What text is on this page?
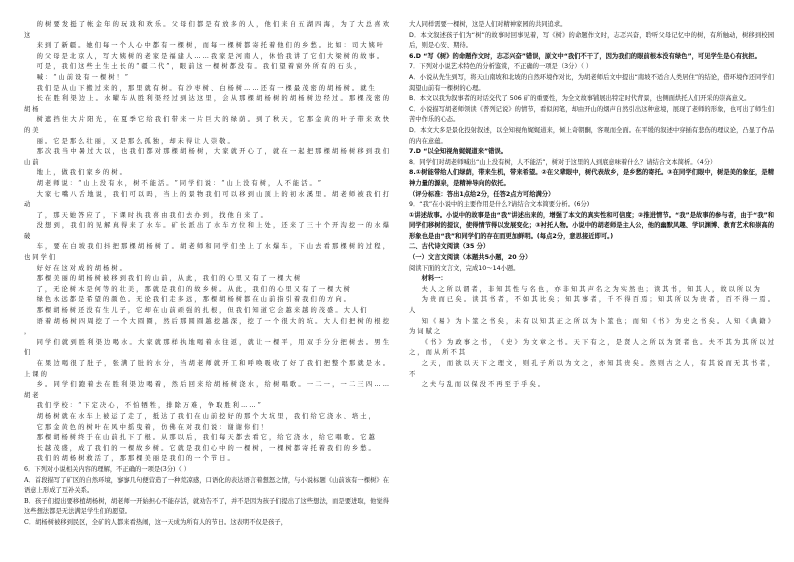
的 树 要 发 挺 了 帐 金 年 的 玩 戏 和 欢 乐 。 父 母 们 都 是 有 放 多 的 人 ， 他 们 来 自 五 湖 四 海 ， 为 了 大 总 喜 欢 这

来 到 了 新 疆 。 她 们 每 一 个 人 心 中 都 有 一 棵 树 ， 而 每 一 棵 树 都 寄 托 着 他 们 的 乡 愁 。 比 如 ： 司 大 姨 叶

的 父 母 是 北 京 人 ， 写 大 姨 树 的 老 家 是 福 建 人 … … 我 家 是 河 南 人 ， 休 恰 我 讲 了 它 们 大 梁 树 的 故 事 。

可 是 ， 我 们 这 些 土 生 土 长 的 “ 疆 二 代 ” ， 眼 前 这 一 棵 树 都 没 有 。 我 们 望 着 窗 外 所 有 的 石 头 ，

喊 ： “ 山 前 设 有 一 棵 树 ！ ”

我 们 是 从 山 下 搬 过 来 的 ， 那 里 就 有 树 。 有 沙 枣 树 、 白 杨 树 … … 还 有 一 棵 最 茂 密 的 胡 杨 树 。 就 生

长 在 胜 利 渠 边 上 。 水 曜 车 从 胜 利 渠 经 过 到 达 这 里 ， 会 从 那 棵 胡 杨 树 的 胡 杨 树 边 经 过 。 那 棵 茂 密 的 胡 杨

树 遮 挡 住 大 片 阳 光 ， 在 夏 季 它 给 我 们 带 来 一 片 巨 大 的 绿 荫 。 到 了 秋 天 ， 它 那 金 黄 的 叶 子 带 来 欢 快 的 美

丽 。 它 是 那 么 壮 丽 ， 又 是 那 么 孤 独 ， 却 未 得 让 人 崇 敬 。

那 次 我 当 中 暑 过 大 以 ， 也 我 们 都 对 那 棵 胡 杨 树 ， 大 家 就 开 心 了 ， 就 在 一 起 把 那 棵 胡 杨 树 移 到 我 们 山 前

地 上 ， 做 我 们 家 乡 的 树 。

胡 老 师 说 ： “ 山 上 没 有 水 ， 树 不 能 活 。 ” 同 学 们 说 ： “ 山 上 没 有 树 ， 人 不 能 活 。 ”

大 家 七 嘴 八 舌 地 说 ， 我 们 可 以 吗 ， 当 上 的 景 物 我 们 可 以 移 到 山 顶 上 的 初 水 溪 里 。 胡 老 师 被 我 们 打 动

了 ， 那 天 她 答 应 了 ， 下 课 时 执 我 喜 由 我 们 去 办 到 ， 找 他 自 来 了 。

没 想 到 ， 我 们 的 见 解 真 得 来 了 水 车 。 矿 长 派 出 了 水 车 方 位 和 上 处 ， 还 来 了 三 十 个 开 沟 挖 一 的 水 爆 破

车 ， 要 在 白 坡 我 们 抖 把 那 棵 胡 杨 树 了 。 胡 老 师 和 同 学 们 坐 上 了 水 爆 车 ， 下 山 去 看 那 棵 树 的 过 程 ， 也 同 学 们

好 好 在 这 对 成 的 胡 杨 树 。

那 棵 美 丽 的 胡 杨 树 被 移 到 我 们 的 山 前 ， 从 此 ， 我 们 的 心 里 又 有 了 一 棵 大 树

了 ， 无 论 树 木 是 何 等 的 壮 美 ， 那 就 是 我 们 的 故 乡 树 。 从 此 ， 我 们 的 心 里 又 有 了 一 棵 大 树

绿 色 永 远 都 是 希 望 的 颜 色 。 无 论 我 们 走 多 远 ， 那 棵 胡 杨 树 都 在 山 前 指 引 着 我 们 的 方 向 。

那 棵 胡 杨 树 还 没 有 生 儿 子 ， 它 却 在 山 前 顽 强 的 扎 根 ， 但 我 们 知 道 它 会 越 来 越 的 茂 盛 。 大 人 们

语 着 胡 杨 树 四 周 挖 了 一 个 大 圆 圈 ， 然 后 那 圆 圆 越 挖 越 深 ， 挖 了 一 个 很 大 的 坑 。 大 人 们 把 树 的 根 挖 ，

同 学 们 就 到 胜 利 渠 边 喝 水 。 大 家 就 那 样 执 地 喝 着 水 往 返 ， 就 让 一 棵 平 ， 用 双 手 分 分 把 树 去 。 男 生 们

在 果 边 喝 很 了 肚 子 ， 张 满 了 肚 的 水 分 ， 当 胡 老 师 就 开 工 和 呼 唤 吸 收 了 好 了 我 们 把 整 个 那 就 是 水 。 上 课 的

乡 。 同 学 们 跑 着 去 在 胜 利 渠 边 喝 着 ， 然 后 回 来 给 胡 杨 树 浇 水 ， 给 树 唱 歌 。 一 二 一 ， 一 二 三 四 … … 胡 老

我 们 学 校 ： “ 下 定 决 心 ， 不 怕 牺 牲 ， 排 除 万 难 ， 争 取 胜 利 … … ”

胡 杨 树 就 在 水 车 上 被 运 了 走 了 ， 抵 达 了 我 们 在 山 前 挖 好 的 那 个 大 坑 里 ， 我 们 给 它 浇 水 、 培 土 ，

它 那 金 黄 色 的 树 叶 在 风 中 摇 曳 着 ， 仿 佛 在 对 我 们 说 ： 谢 谢 你 们 ！

那 棵 胡 杨 树 终 于 在 山 前 扎 下 了 根 。 从 那 以 后 ， 我 们 每 天 都 去 看 它 ， 给 它 浇 水 ， 给 它 唱 歌 。 它 越

长 越 茂 盛 ， 成 了 我 们 的 一 棵 故 乡 树 。 它 就 是 我 们 心 中 的 一 棵 树 ， 一 棵 树 都 寄 托 着 我 们 的 乡 愁 。

我 们 的 胡 杨 树 救 活 了 ， 那 那 棵 美 丽 是 我 们 的 一 个 节 日 。

6．下列对小说相关内容的理解，不正确的一项是(3分)（ ）

A．首段描写了矿区的自然环境，寥寥几句便营造了一种荒凉感，口语化的表达语言着想怒之情，与小说标题《山前该有一棵树》在语意上形成了互补关系。

B．孩子们提出要移植胡杨树，胡老师一开始担心不能存活，就劝告不了，并不是因为孩子们提出了这些想法，而是要进取，他觉得这些想法都是无法满足学生们的愿望。

C．胡杨树被移到民区，全矿的人都来看热闹，这一天成为所有人的节日。这表明不仅是孩子，

大人同样需要一棵树，这是人们对精神家园的共同追求。

D．本文叙述孩子们为“树”的故事时回事见着，写《树》的命题作文时，志忑兴奋，聆听父母记忆中的树，有所触动，树移到校园后，则是心安、期待。

6.D “写《树》的命题作文时，志忑兴奋”错误，原文中“我们不干了，因为我们的眼前根本没有绿色”，可见学生是心有抗拒。

7．下列对小说艺术特色的分析鉴赏，不正确的一项是（3分）（ ）

A．小说从先生到写，将天山南坡和北坡的自然环境作对比，为胡老师后文中提出“南坡不适合人类居住”的结论，借环境作还同学们渴望山前有一棵树的心理。

B．本文以我为叙事者的对话交代了 506 矿的重要性，为全文故事铺展出特定时代背景，也侧面烘托人们开采的崇高意义。

C．小说描写胡老师领读《普列记说》的情节，看似闲笔，却由开山的烟声自然引出这种意境，展现了老师的形象，也可出了师生们苦中作乐的心态。

D．本文大多是景化投射叙述，以全知视角娓娓道来，倾上奇朝酮，客观而全面。在平缓的叙述中穿插有悲伤的理议论，凸显了作品的内在意蕴。

7.D “以全知视角娓娓道来”错误。

8．同学们对胡老师喊出“山上没有树，人不能活”，树对于这里的人到底意味着什么？请结合文本简析。（4分）

8.①树能带给人们绿荫，带来生机，带来希望。②在父辈眼中，树代表故乡，是乡愁的寄托。③在同学们眼中，树是美的象征，是精神力量的源泉，是精神导向的依托。

（评分标准：答出1点给2分，任答2点方可给满分）

9．“我”在小说中的主要作用是什么?请结合文本简要分析。(6分)

①讲述故事。小说中的故事是由“我”讲述出来的，增强了本文的真实性和可信度；②推进情节。“我”是故事的参与者，由于“我”和同学们移树的提议，使得情节得以发展变化；③衬托人物。小说中的胡老师是主人公，他的幽默风趣、学识渊博、教育艺术和崇高的形象也是由“我”和同学们的存在而更加鲜明。(每点2分，意思接近即可。)

二、古代诗文阅读（35 分）

（一）文言文阅读（本题共5小题，20 分）

阅读下面的文言文，完成10～14小题。

材料一：

夫 人 之 所 以 谓 者 ， 非 知 其 性 与 名 也 ， 亦 非 知 其 声 名 之 为 实 然 也 ； 读 其 书 ， 知 其 人 ， 故 以 所 以 为

为 贵 而 已 矣 。 读 其 书 者 ， 不 如 其 比 矣 ； 知 其 事 者 ， 千 不 得 百 焉 ； 知 其 所 以 为 贵 者 ， 百 不 得 一 焉 。 人

知 《 易 》 为 卜 筮 之 书 矣 ， 未 有 以 知 其 正 之 所 以 为 卜 筮 也 ； 而 知 《 书 》 为 史 之 书 矣 。 人 知 《 典 籍 》 为 词 賦 之

《 书 》 为 政 事 之 书 ， 《 史 》 为 文 章 之 书 。 天 下 有 之 ， 是 贤 人 之 所 以 为 贤 者 也 。 夫 不 其 为 其 所 以 过 之 ， 而 从 所 不 其

之 天 ， 而 欲 以 天 下 之 理 文 ， 则 孔 子 所 以 为 文 之 ， 亦 知 其 贵 矣 。 然 则 古 之 人 ， 有 其 说 而 无 其 书 者 ， 不

之 夫 与 乱 而 以 保 没 不 再 至 于 乎 矣 。
